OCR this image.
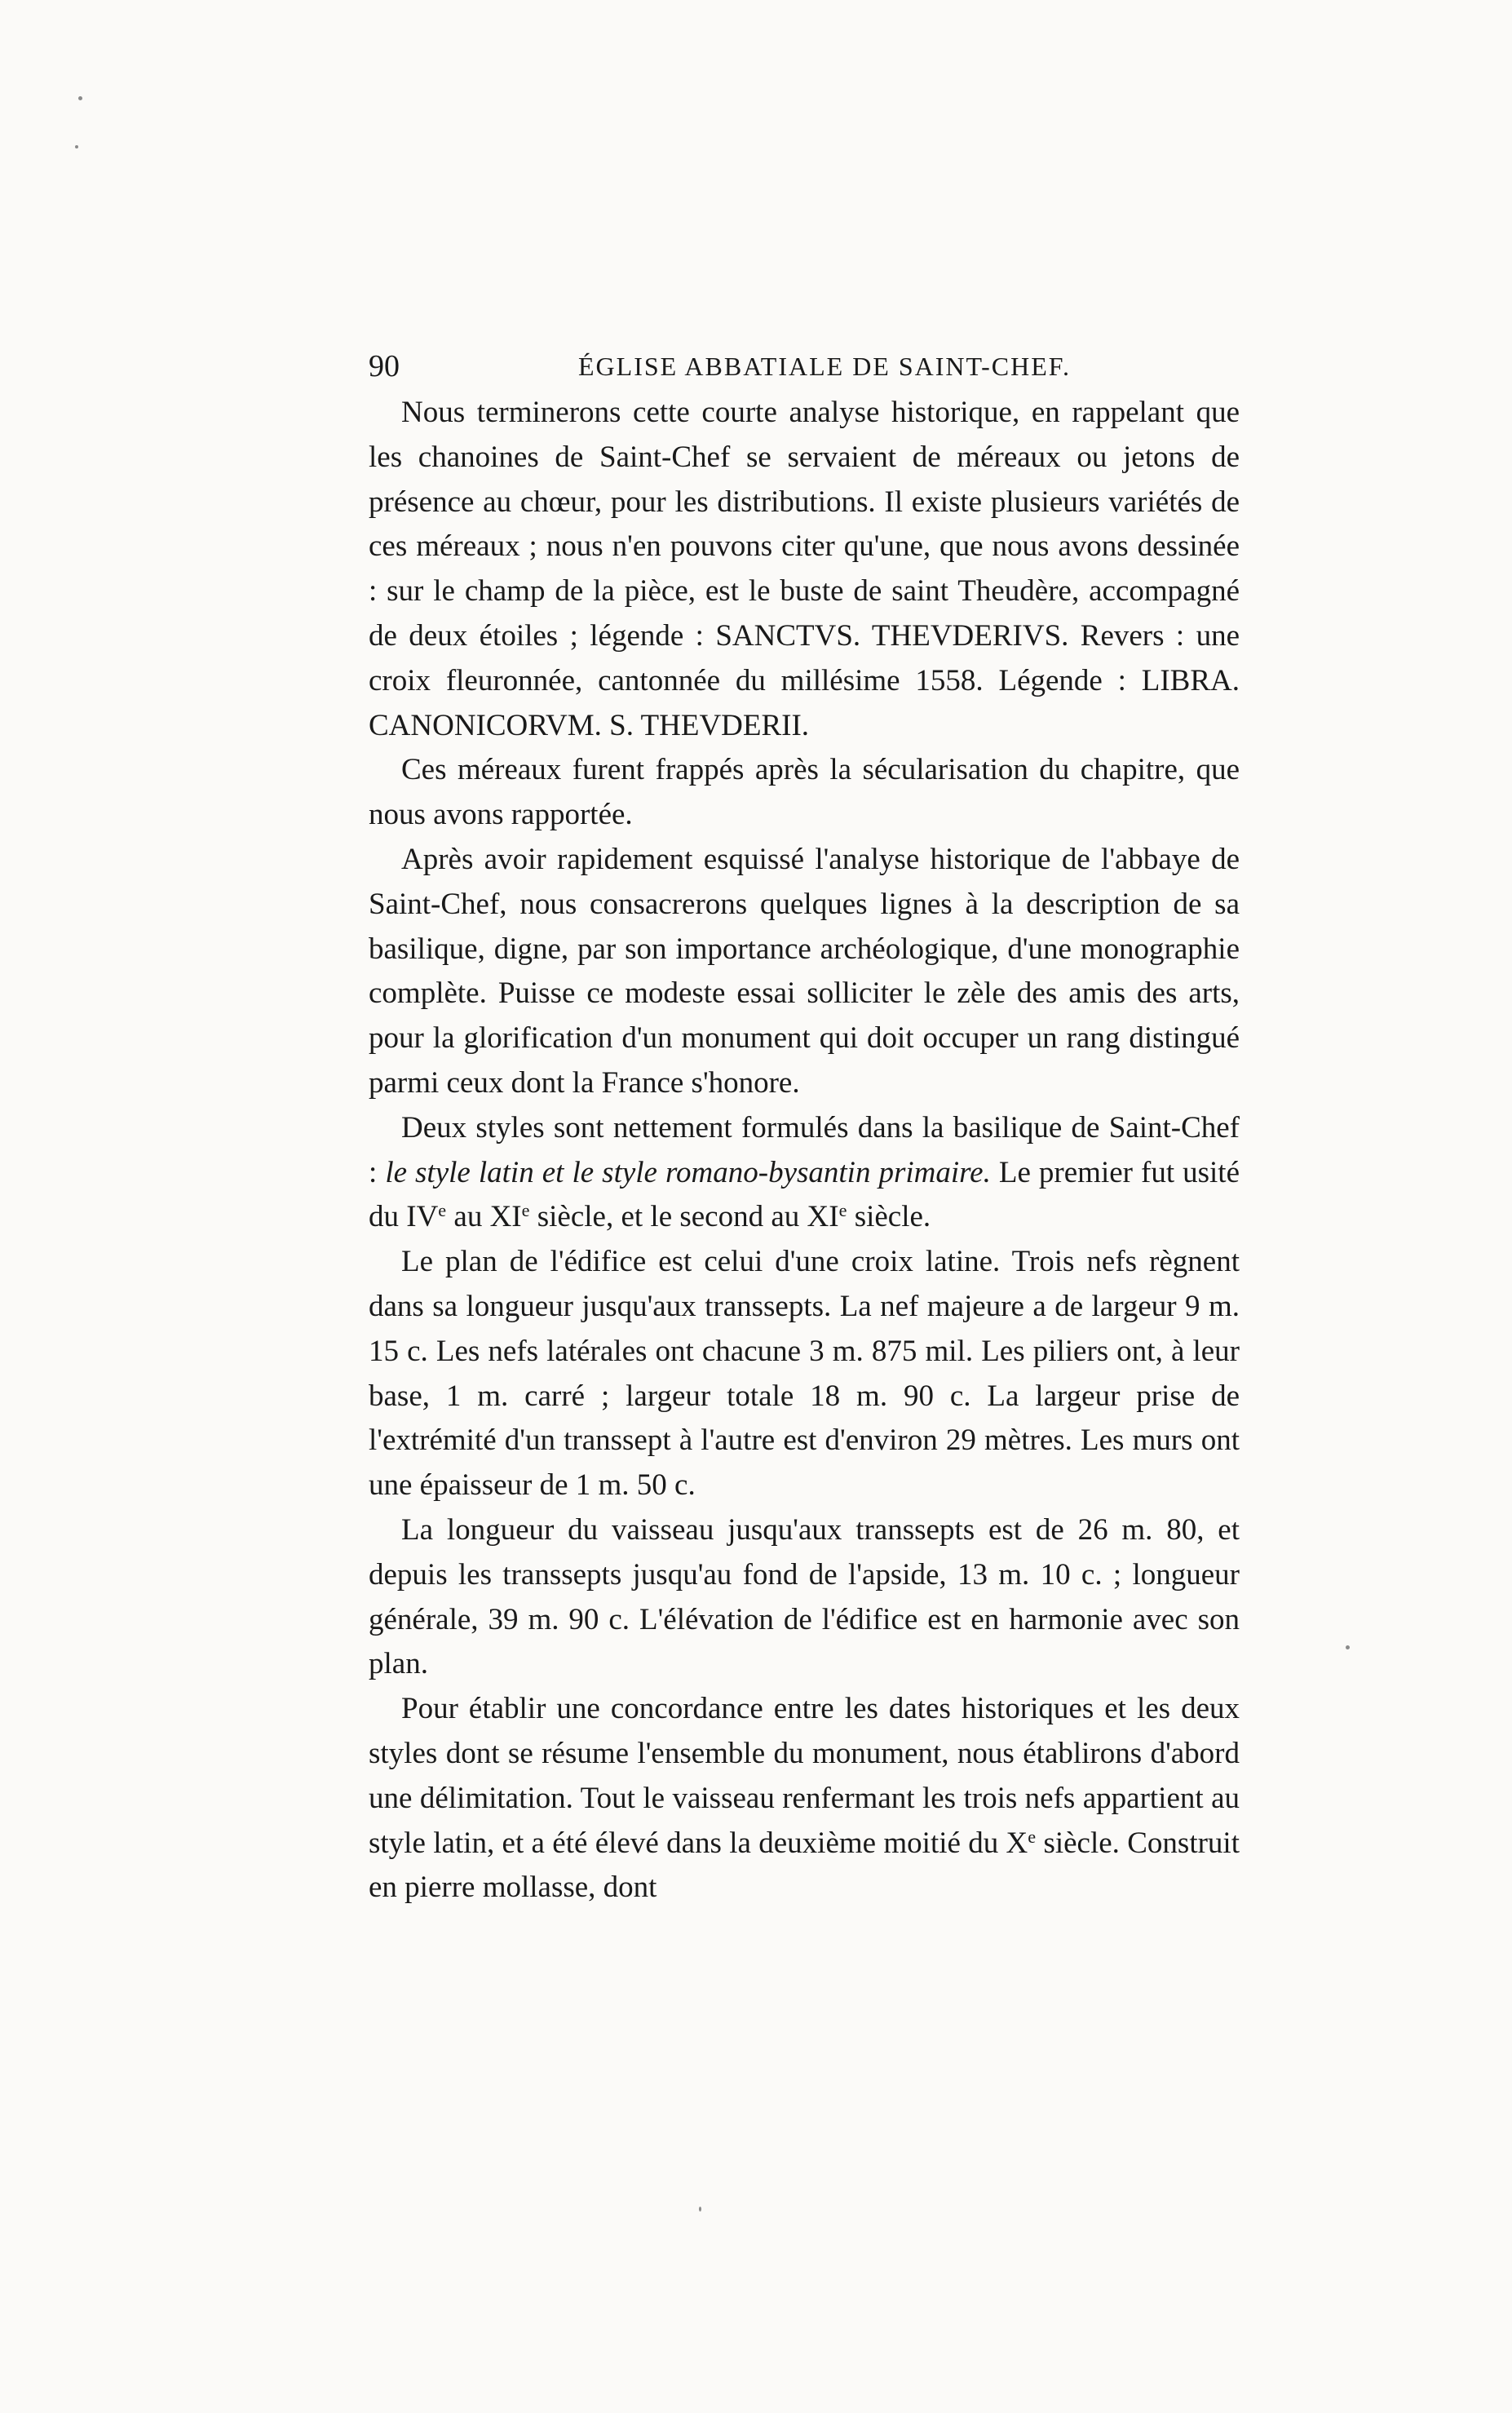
90	ÉGLISE ABBATIALE DE SAINT-CHEF.

Nous terminerons cette courte analyse historique, en rappelant que les chanoines de Saint-Chef se servaient de méreaux ou jetons de présence au chœur, pour les distributions. Il existe plusieurs variétés de ces méreaux ; nous n'en pouvons citer qu'une, que nous avons dessinée : sur le champ de la pièce, est le buste de saint Theudère, accompagné de deux étoiles ; légende : SANCTVS. THEVDERIVS. Revers : une croix fleuronnée, cantonnée du millésime 1558. Légende : LIBRA. CANONICORVM. S. THEVDERII.

Ces méreaux furent frappés après la sécularisation du chapitre, que nous avons rapportée.

Après avoir rapidement esquissé l'analyse historique de l'abbaye de Saint-Chef, nous consacrerons quelques lignes à la description de sa basilique, digne, par son importance archéologique, d'une monographie complète. Puisse ce modeste essai solliciter le zèle des amis des arts, pour la glorification d'un monument qui doit occuper un rang distingué parmi ceux dont la France s'honore.

Deux styles sont nettement formulés dans la basilique de Saint-Chef : le style latin et le style romano-bysantin primaire. Le premier fut usité du IVe au XIe siècle, et le second au XIe siècle.

Le plan de l'édifice est celui d'une croix latine. Trois nefs règnent dans sa longueur jusqu'aux transsepts. La nef majeure a de largeur 9 m. 15 c. Les nefs latérales ont chacune 3 m. 875 mil. Les piliers ont, à leur base, 1 m. carré ; largeur totale 18 m. 90 c. La largeur prise de l'extrémité d'un transsept à l'autre est d'environ 29 mètres. Les murs ont une épaisseur de 1 m. 50 c.

La longueur du vaisseau jusqu'aux transsepts est de 26 m. 80, et depuis les transsepts jusqu'au fond de l'apside, 13 m. 10 c. ; longueur générale, 39 m. 90 c. L'élévation de l'édifice est en harmonie avec son plan.

Pour établir une concordance entre les dates historiques et les deux styles dont se résume l'ensemble du monument, nous établirons d'abord une délimitation. Tout le vaisseau renfermant les trois nefs appartient au style latin, et a été élevé dans la deuxième moitié du Xe siècle. Construit en pierre mollasse, dont
